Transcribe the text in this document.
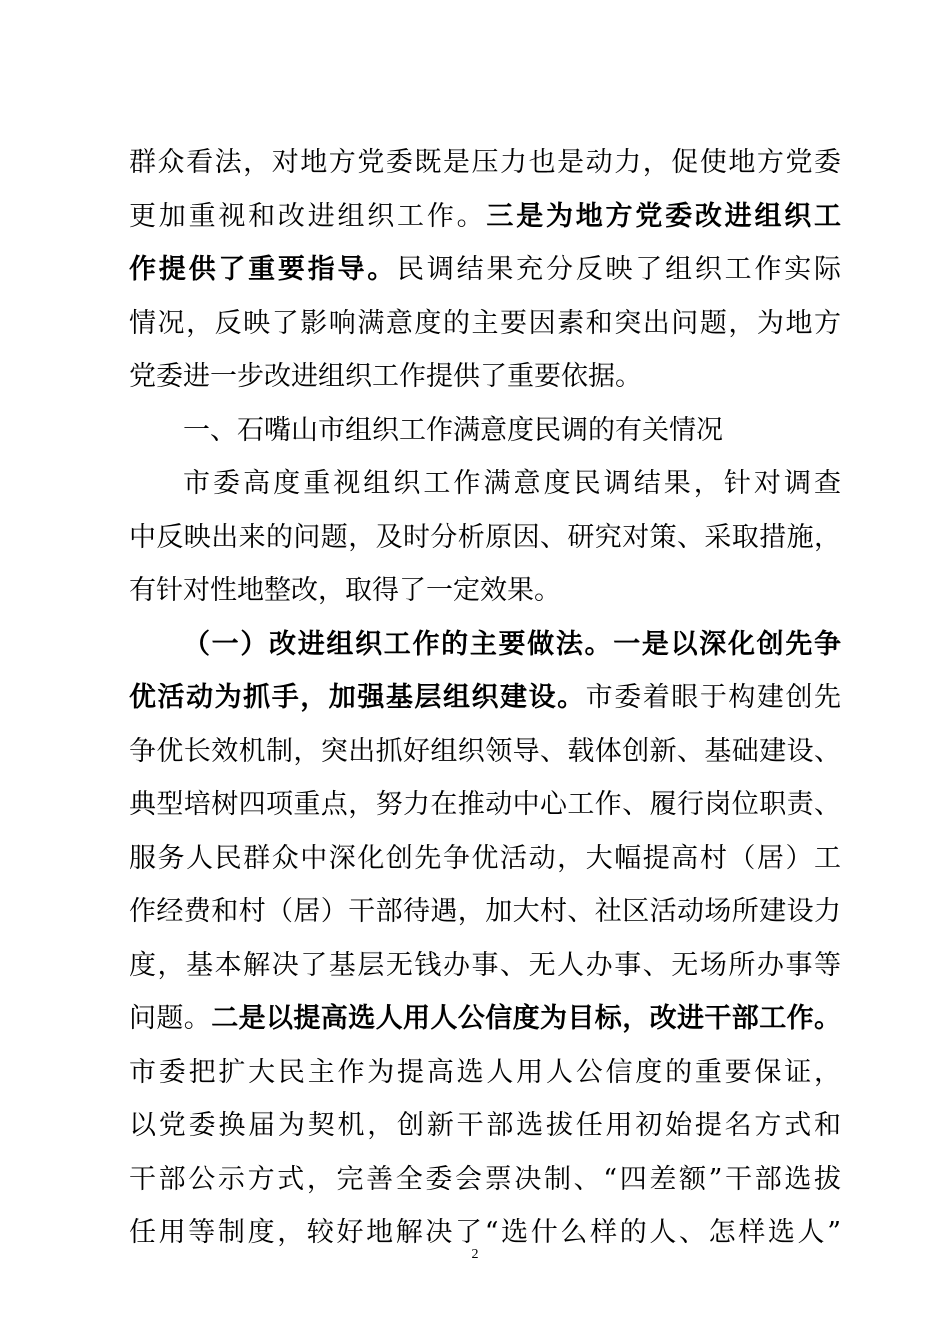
群众看法，对地方党委既是压力也是动力，促使地方党委
更加重视和改进组织工作。三是为地方党委改进组织工
作提供了重要指导。民调结果充分反映了组织工作实际
情况，反映了影响满意度的主要因素和突出问题，为地方
党委进一步改进组织工作提供了重要依据。
一、石嘴山市组织工作满意度民调的有关情况
市委高度重视组织工作满意度民调结果，针对调查
中反映出来的问题，及时分析原因、研究对策、采取措施，
有针对性地整改，取得了一定效果。
（一）改进组织工作的主要做法。一是以深化创先争
优活动为抓手，加强基层组织建设。市委着眼于构建创先
争优长效机制，突出抓好组织领导、载体创新、基础建设、
典型培树四项重点，努力在推动中心工作、履行岗位职责、
服务人民群众中深化创先争优活动，大幅提高村（居）工
作经费和村（居）干部待遇，加大村、社区活动场所建设力
度，基本解决了基层无钱办事、无人办事、无场所办事等
问题。二是以提高选人用人公信度为目标，改进干部工作。
市委把扩大民主作为提高选人用人公信度的重要保证，
以党委换届为契机，创新干部选拔任用初始提名方式和
干部公示方式，完善全委会票决制、“四差额”干部选拔
任用等制度，较好地解决了“选什么样的人、怎样选人”
2
